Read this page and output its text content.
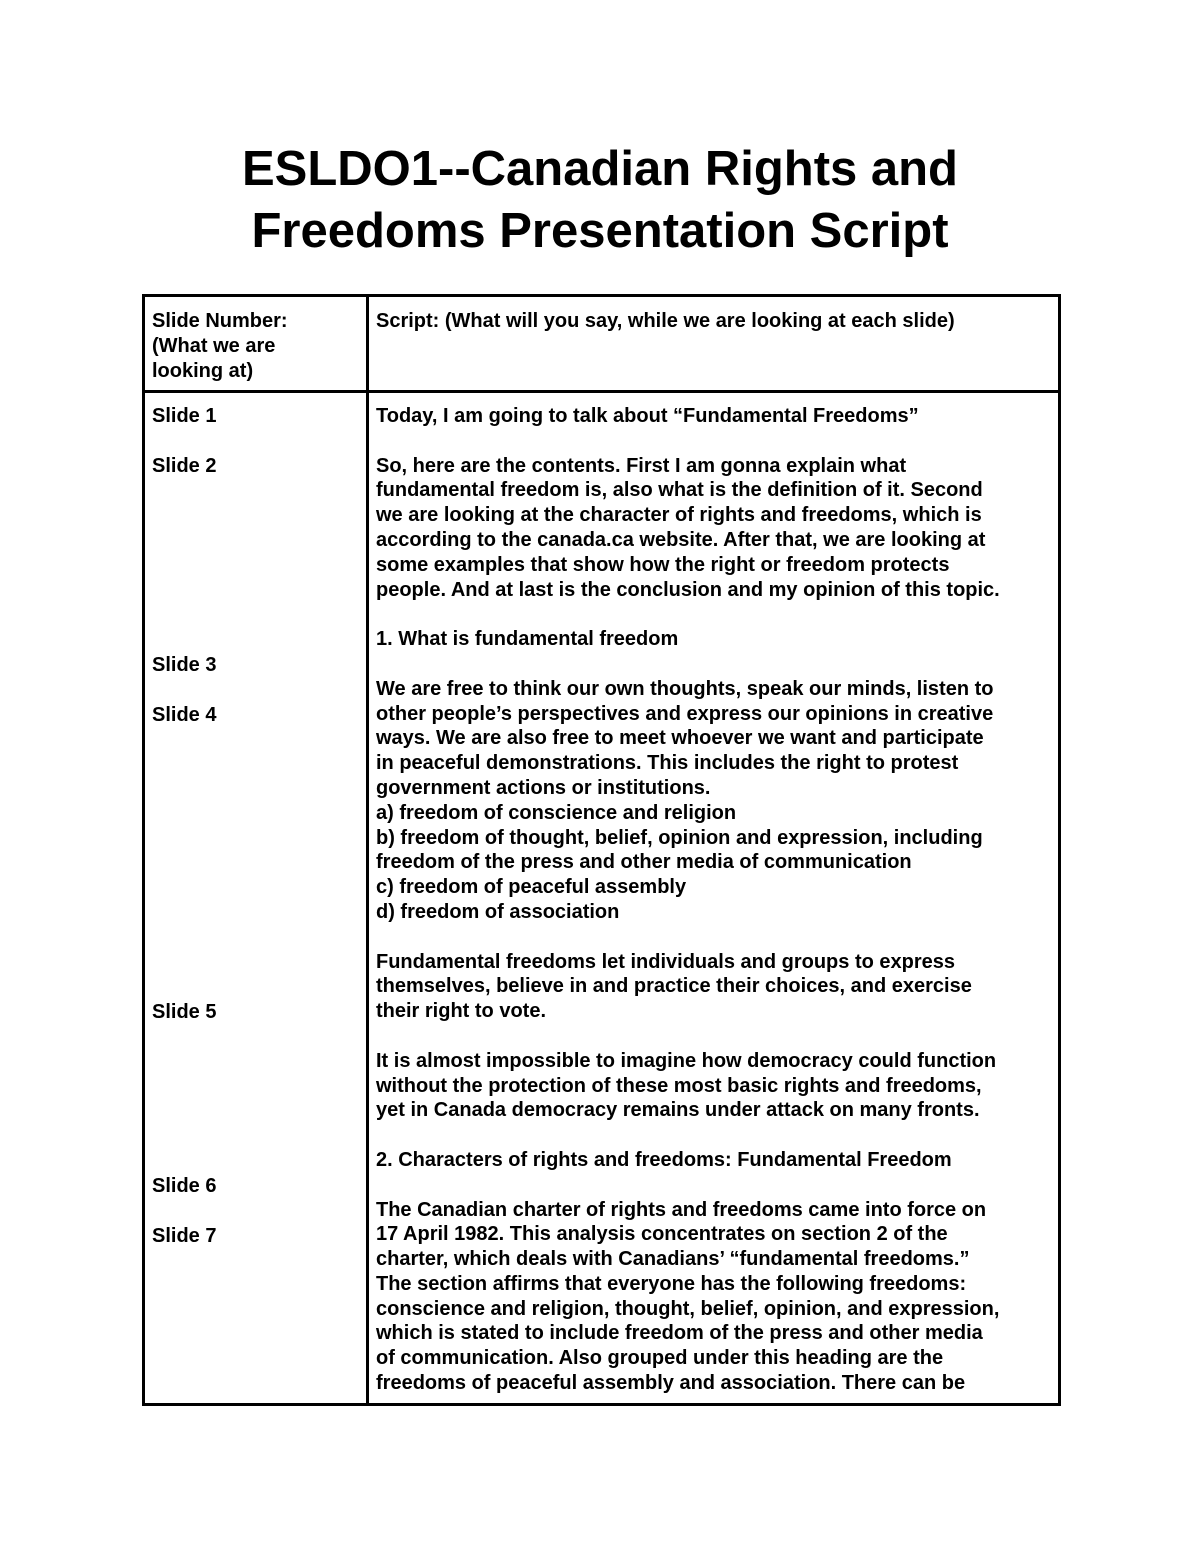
ESLDO1--Canadian Rights and
Freedoms Presentation Script
Slide Number:
(What we are
looking at)
Script: (What will you say, while we are looking at each slide)
Slide 1
Slide 2
Slide 3
Slide 4
Slide 5
Slide 6
Slide 7
Today, I am going to talk about “Fundamental Freedoms”
So, here are the contents. First I am gonna explain what
fundamental freedom is, also what is the definition of it. Second
we are looking at the character of rights and freedoms, which is
according to the canada.ca website. After that, we are looking at
some examples that show how the right or freedom protects
people. And at last is the conclusion and my opinion of this topic.
1. What is fundamental freedom
We are free to think our own thoughts, speak our minds, listen to
other people’s perspectives and express our opinions in creative
ways. We are also free to meet whoever we want and participate
in peaceful demonstrations. This includes the right to protest
government actions or institutions.
a) freedom of conscience and religion
b) freedom of thought, belief, opinion and expression, including
freedom of the press and other media of communication
c) freedom of peaceful assembly
d) freedom of association
Fundamental freedoms let individuals and groups to express
themselves, believe in and practice their choices, and exercise
their right to vote.
It is almost impossible to imagine how democracy could function
without the protection of these most basic rights and freedoms,
yet in Canada democracy remains under attack on many fronts.
2. Characters of rights and freedoms: Fundamental Freedom
The Canadian charter of rights and freedoms came into force on
17 April 1982. This analysis concentrates on section 2 of the
charter, which deals with Canadians’ “fundamental freedoms.”
The section affirms that everyone has the following freedoms:
conscience and religion, thought, belief, opinion, and expression,
which is stated to include freedom of the press and other media
of communication. Also grouped under this heading are the
freedoms of peaceful assembly and association. There can be
